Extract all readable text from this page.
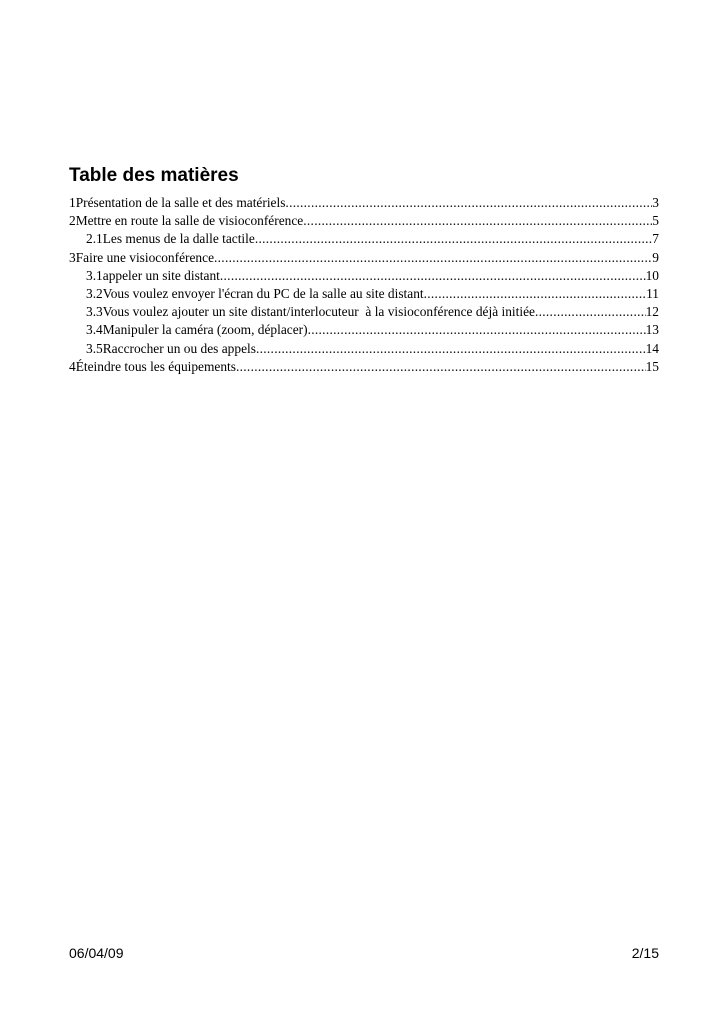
Table des matières
1Présentation de la salle et des matériels .....	3
2Mettre en route la salle de visioconférence .....	5
2.1Les menus de la dalle tactile .....	7
3Faire une visioconférence .....	9
3.1appeler un site distant .....	10
3.2Vous voulez envoyer l'écran du PC de la salle au site distant .....	11
3.3Vous voulez ajouter un site distant/interlocuteur  à la visioconférence déjà initiée .....	12
3.4Manipuler la caméra (zoom, déplacer) .....	13
3.5Raccrocher un ou des appels .....	14
4Éteindre tous les équipements .....	15
06/04/09	2/15
